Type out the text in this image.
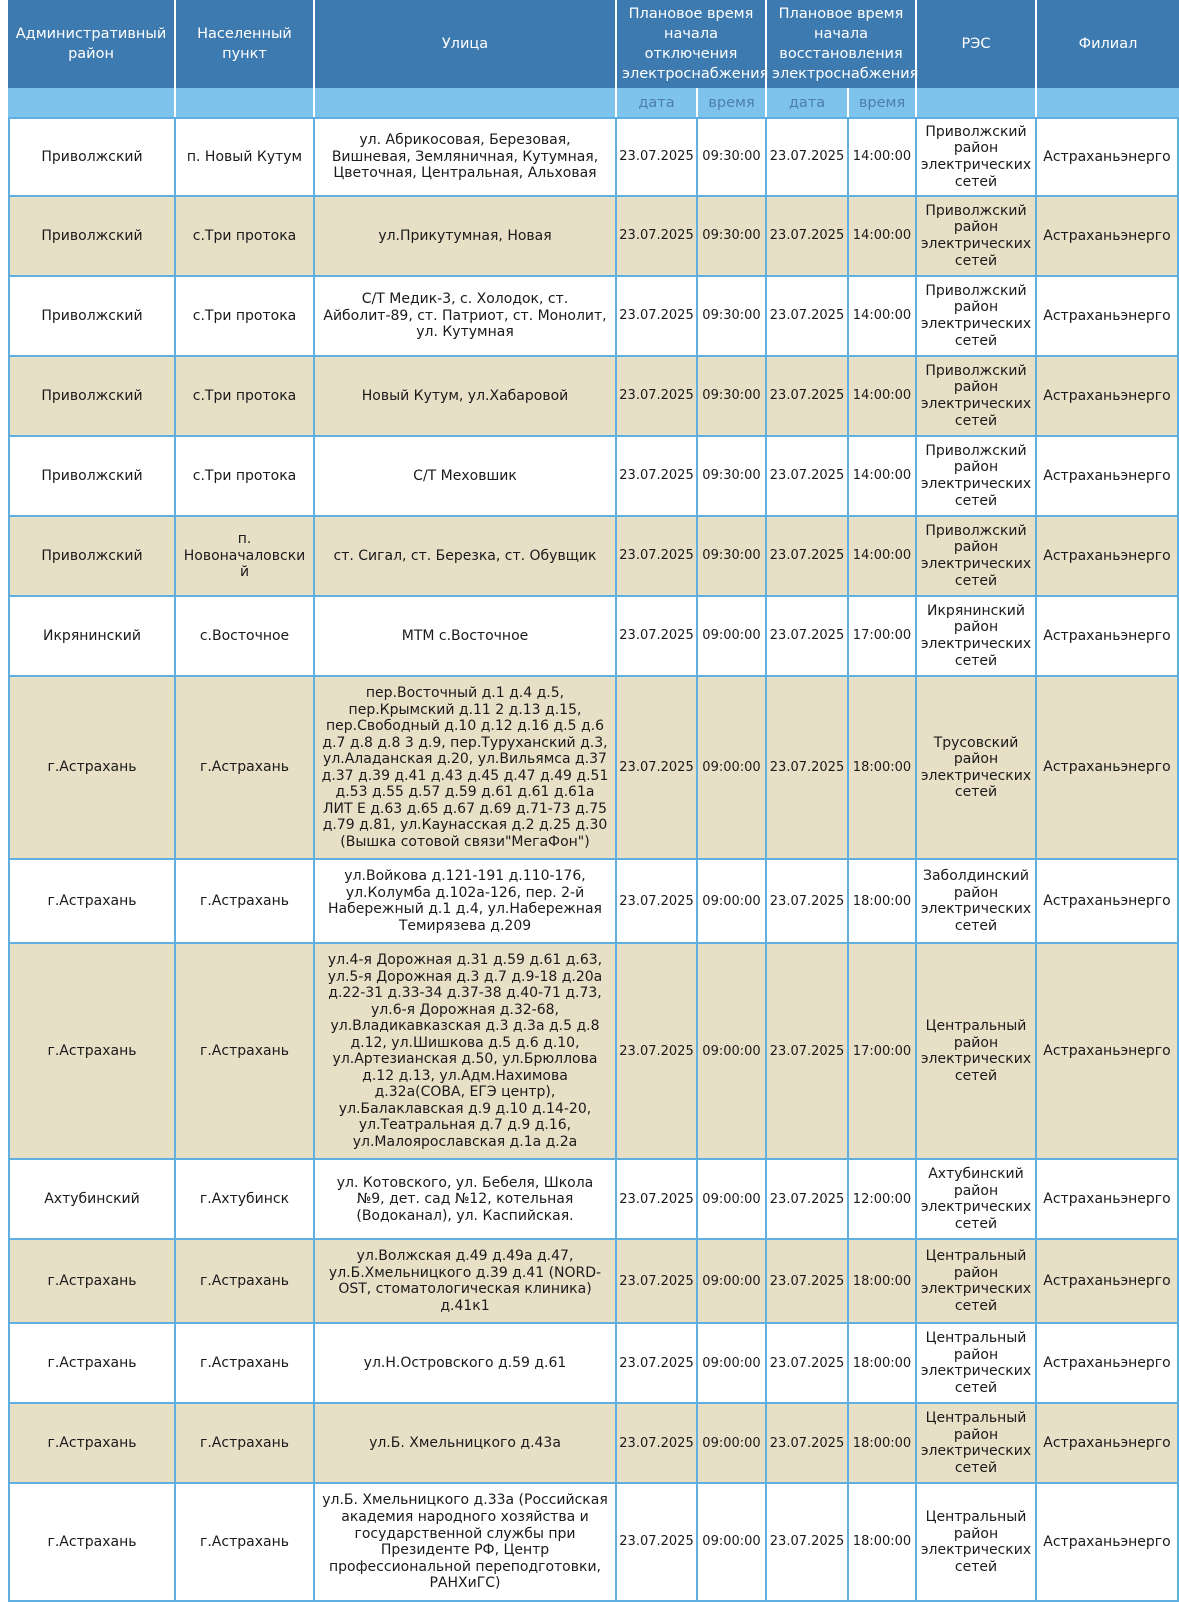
Административный район	Населенный пункт	Улица	Плановое время начала отключения электроснабжения		Плановое время начала восстановления электроснабжения		РЭС	Филиал
			дата	время	дата	время		
Приволжский	п. Новый Кутум	ул. Абрикосовая, Березовая, Вишневая, Земляничная, Кутумная, Цветочная, Центральная, Альховая	23.07.2025	09:30:00	23.07.2025	14:00:00	Приволжский район электрических сетей	Астраханьэнерго
Приволжский	с.Три протока	ул.Прикутумная, Новая	23.07.2025	09:30:00	23.07.2025	14:00:00	Приволжский район электрических сетей	Астраханьэнерго
Приволжский	с.Три протока	С/Т Медик-3, с. Холодок, ст. Айболит-89, ст. Патриот, ст. Монолит, ул. Кутумная	23.07.2025	09:30:00	23.07.2025	14:00:00	Приволжский район электрических сетей	Астраханьэнерго
Приволжский	с.Три протока	Новый Кутум, ул.Хабаровой	23.07.2025	09:30:00	23.07.2025	14:00:00	Приволжский район электрических сетей	Астраханьэнерго
Приволжский	с.Три протока	С/Т Меховшик	23.07.2025	09:30:00	23.07.2025	14:00:00	Приволжский район электрических сетей	Астраханьэнерго
Приволжский	п. Новоначаловский	ст. Сигал, ст. Березка, ст. Обувщик	23.07.2025	09:30:00	23.07.2025	14:00:00	Приволжский район электрических сетей	Астраханьэнерго
Икрянинский	с.Восточное	МТМ с.Восточное	23.07.2025	09:00:00	23.07.2025	17:00:00	Икрянинский район электрических сетей	Астраханьэнерго
г.Астрахань	г.Астрахань	пер.Восточный д.1 д.4 д.5, пер.Крымский д.11 2 д.13 д.15, пер.Свободный д.10 д.12 д.16 д.5 д.6 д.7 д.8 д.8 3 д.9, пер.Туруханский д.3, ул.Аладанская д.20, ул.Вильямса д.37 д.37 д.39 д.41 д.43 д.45 д.47 д.49 д.51 д.53 д.55 д.57 д.59 д.61 д.61 д.61а ЛИТ Е д.63 д.65 д.67 д.69 д.71-73 д.75 д.79 д.81, ул.Каунасская д.2 д.25 д.30 (Вышка сотовой связи"МегаФон")	23.07.2025	09:00:00	23.07.2025	18:00:00	Трусовский район электрических сетей	Астраханьэнерго
г.Астрахань	г.Астрахань	ул.Войкова д.121-191 д.110-176, ул.Колумба д.102а-126, пер. 2-й Набережный д.1 д.4, ул.Набережная Темирязева д.209	23.07.2025	09:00:00	23.07.2025	18:00:00	Заболдинский район электрических сетей	Астраханьэнерго
г.Астрахань	г.Астрахань	ул.4-я Дорожная д.31 д.59 д.61 д.63, ул.5-я Дорожная д.3 д.7 д.9-18 д.20а д.22-31 д.33-34 д.37-38 д.40-71 д.73, ул.6-я Дорожная д.32-68, ул.Владикавказская д.3 д.3а д.5 д.8 д.12, ул.Шишкова д.5 д.6 д.10, ул.Артезианская д.50, ул.Брюллова д.12 д.13, ул.Адм.Нахимова д.32а(СОВА, ЕГЭ центр), ул.Балаклавская д.9 д.10 д.14-20, ул.Театральная д.7 д.9 д.16, ул.Малоярославская д.1а д.2а	23.07.2025	09:00:00	23.07.2025	17:00:00	Центральный район электрических сетей	Астраханьэнерго
Ахтубинский	г.Ахтубинск	ул. Котовского, ул. Бебеля, Школа №9, дет. сад №12, котельная (Водоканал), ул. Каспийская.	23.07.2025	09:00:00	23.07.2025	12:00:00	Ахтубинский район электрических сетей	Астраханьэнерго
г.Астрахань	г.Астрахань	ул.Волжская д.49 д.49а д.47, ул.Б.Хмельницкого д.39 д.41 (NORD-OST, стоматологическая клиника) д.41к1	23.07.2025	09:00:00	23.07.2025	18:00:00	Центральный район электрических сетей	Астраханьэнерго
г.Астрахань	г.Астрахань	ул.Н.Островского д.59 д.61	23.07.2025	09:00:00	23.07.2025	18:00:00	Центральный район электрических сетей	Астраханьэнерго
г.Астрахань	г.Астрахань	ул.Б. Хмельницкого д.43а	23.07.2025	09:00:00	23.07.2025	18:00:00	Центральный район электрических сетей	Астраханьэнерго
г.Астрахань	г.Астрахань	ул.Б. Хмельницкого д.33а (Российская академия народного хозяйства и государственной службы при Президенте РФ, Центр профессиональной переподготовки, РАНХиГС)	23.07.2025	09:00:00	23.07.2025	18:00:00	Центральный район электрических сетей	Астраханьэнерго
